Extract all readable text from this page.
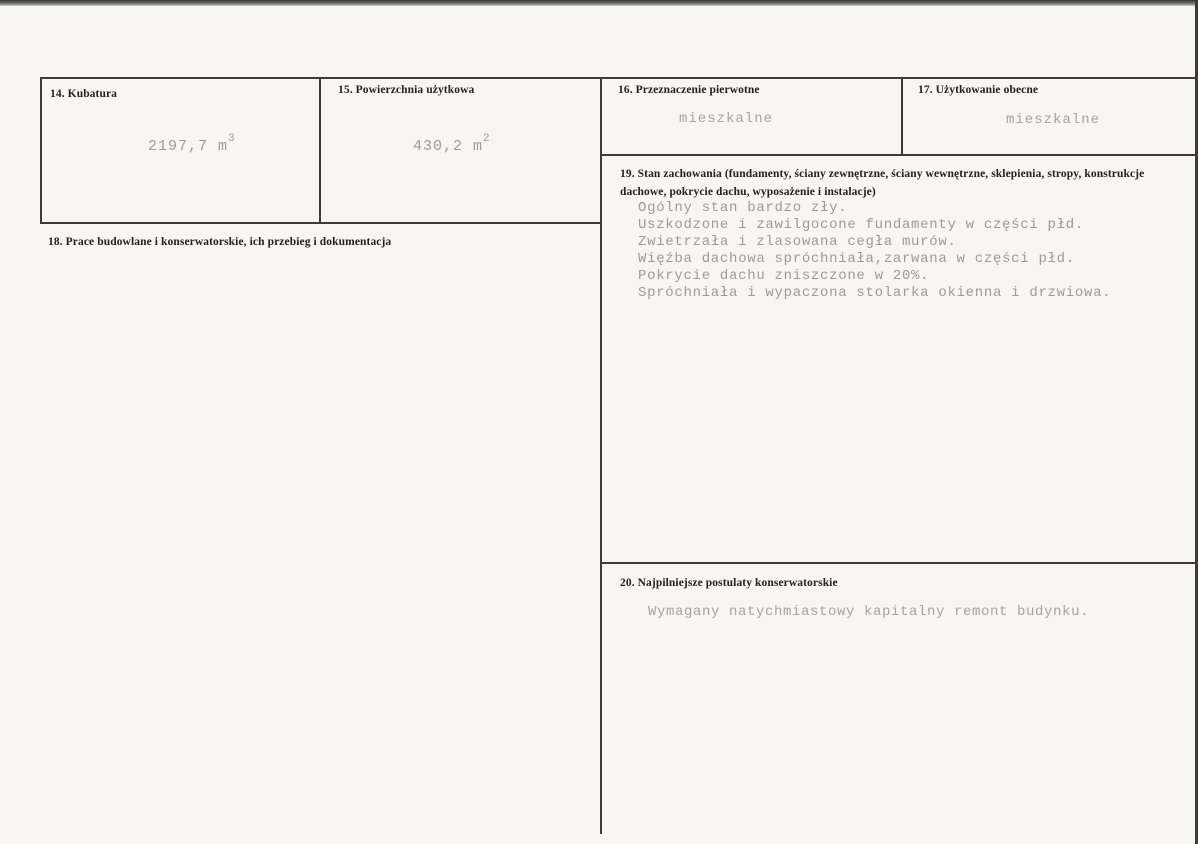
14. Kubatura
2197,7 $m^3$
15. Powierzchnia użytkowa
430,2 $m^2$
16. Przeznaczenie pierwotne
mieszkalne
17. Użytkowanie obecne
mieszkalne
18. Prace budowlane i konserwatorskie, ich przebieg i dokumentacja
19. Stan zachowania (fundamenty, ściany zewnętrzne, ściany wewnętrzne, sklepienia, stropy, konstrukcje dachowe, pokrycie dachu, wyposażenie i instalacje)
Ogólny stan bardzo zły.
Uszkodzone i zawilgocone fundamenty w części płd.
Zwietrzała i zlasowana cegła murów.
Więźba dachowa spróchniała,zarwana w części płd.
Pokrycie dachu zniszczone w 20%.
Spróchniała i wypaczona stolarka okienna i drzwiowa.
20. Najpilniejsze postulaty konserwatorskie
Wymagany natychmiastowy kapitalny remont budynku.
